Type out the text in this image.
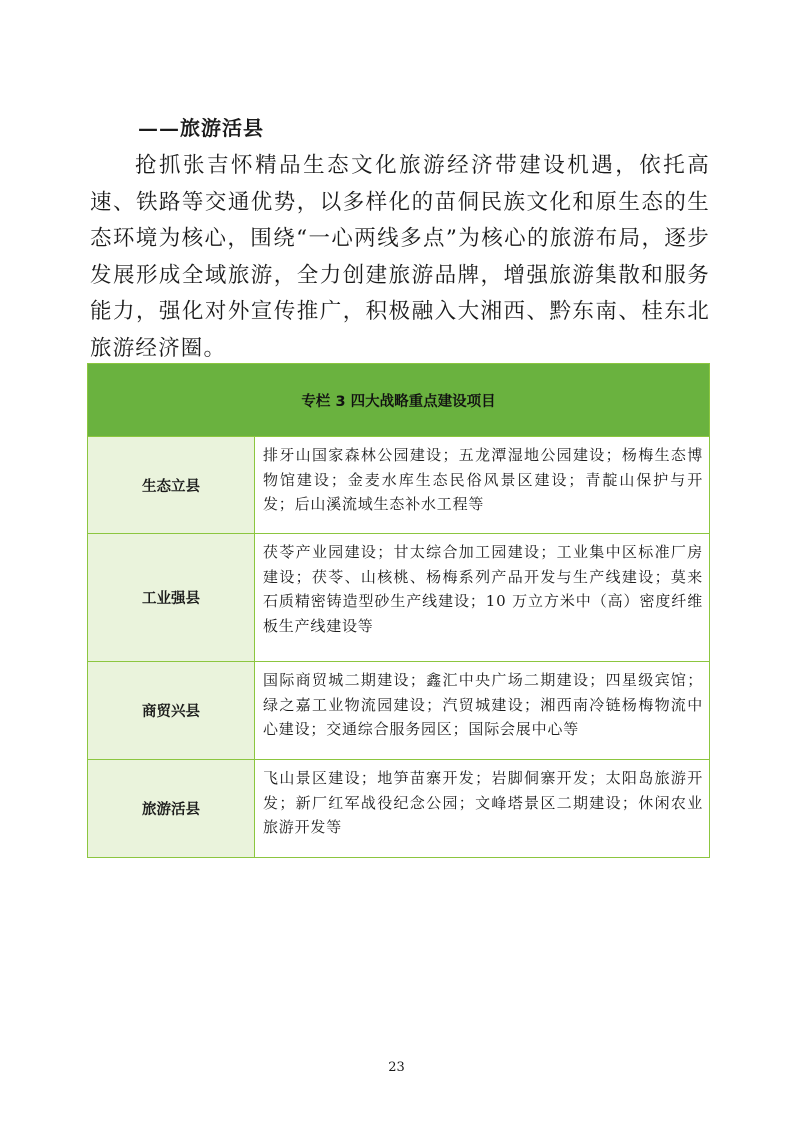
——旅游活县
抢抓张吉怀精品生态文化旅游经济带建设机遇，依托高速、铁路等交通优势，以多样化的苗侗民族文化和原生态的生态环境为核心，围绕“一心两线多点”为核心的旅游布局，逐步发展形成全域旅游，全力创建旅游品牌，增强旅游集散和服务能力，强化对外宣传推广，积极融入大湘西、黔东南、桂东北旅游经济圈。
专栏 3 四大战略重点建设项目
生态立县
排牙山国家森林公园建设；五龙潭湿地公园建设；杨梅生态博物馆建设；金麦水库生态民俗风景区建设；青靛山保护与开发；后山溪流域生态补水工程等
工业强县
茯苓产业园建设；甘太综合加工园建设；工业集中区标准厂房建设；茯苓、山核桃、杨梅系列产品开发与生产线建设；莫来石质精密铸造型砂生产线建设；10 万立方米中（高）密度纤维板生产线建设等
商贸兴县
国际商贸城二期建设；鑫汇中央广场二期建设；四星级宾馆；绿之嘉工业物流园建设；汽贸城建设；湘西南冷链杨梅物流中心建设；交通综合服务园区；国际会展中心等
旅游活县
飞山景区建设；地笋苗寨开发；岩脚侗寨开发；太阳岛旅游开发；新厂红军战役纪念公园；文峰塔景区二期建设；休闲农业旅游开发等
23
